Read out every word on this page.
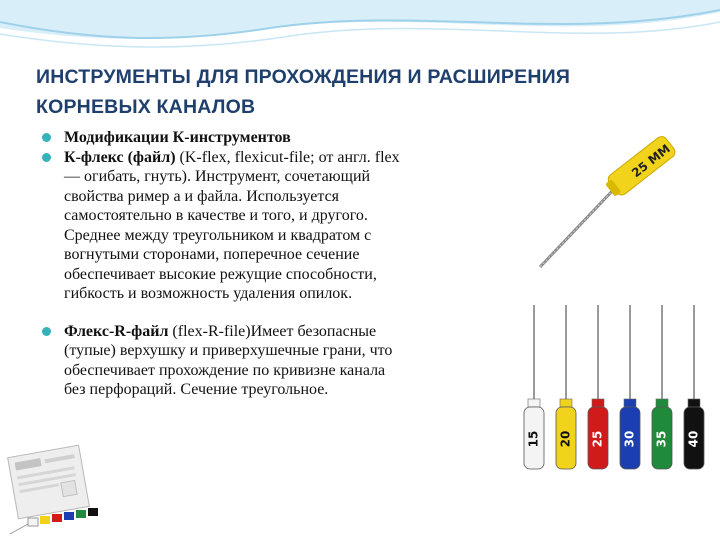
ИНСТРУМЕНТЫ ДЛЯ ПРОХОЖДЕНИЯ И РАСШИРЕНИЯ
КОРНЕВЫХ КАНАЛОВ
Модификации К-инструментов
К-флекс (файл) (K-flex, flexicut-file; от англ. flex
— огибать, гнуть). Инструмент, сочетающий
свойства ример а и файла. Используется
самостоятельно в качестве и того, и другого.
Среднее между треугольником и квадратом с
вогнутыми сторонами, поперечное сечение
обеспечивает высокие режущие способности,
гибкость и возможность удаления опилок.
Флекс-R-файл (flex-R-file)Имеет безопасные
(тупые) верхушку и приверхушечные грани, что
обеспечивает прохождение по кривизне канала
без перфораций. Сечение треугольное.
25 MM
15 20 25 30 35 40
